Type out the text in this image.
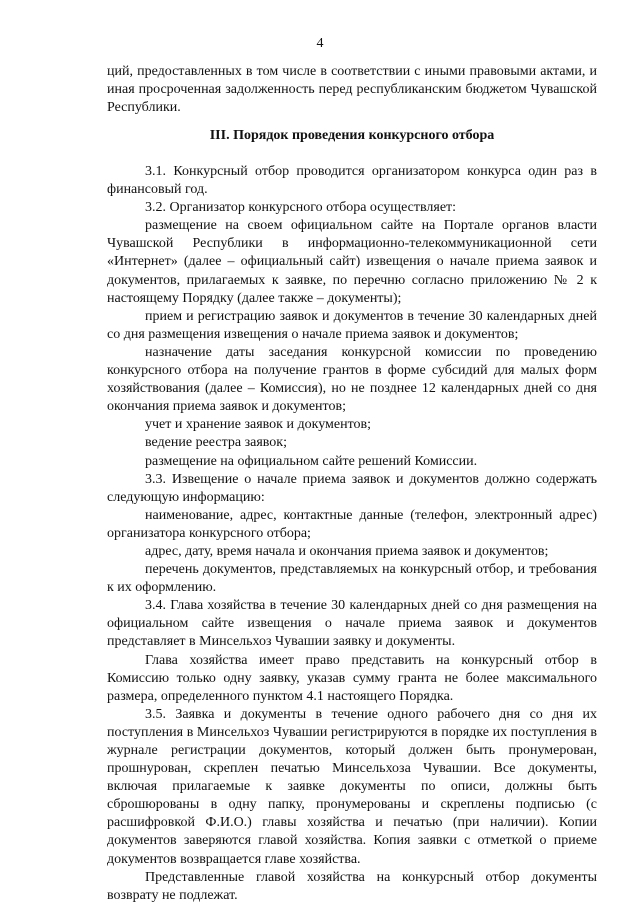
4

ций, предоставленных в том числе в соответствии с иными правовыми актами, и иная просроченная задолженность перед республиканским бюджетом Чувашской Республики.

III. Порядок проведения конкурсного отбора

3.1. Конкурсный отбор проводится организатором конкурса один раз в финансовый год.

3.2. Организатор конкурсного отбора осуществляет:

размещение на своем официальном сайте на Портале органов власти Чувашской Республики в информационно-телекоммуникационной сети «Интернет» (далее – официальный сайт) извещения о начале приема заявок и документов, прилагаемых к заявке, по перечню согласно приложению № 2 к настоящему Порядку (далее также – документы);

прием и регистрацию заявок и документов в течение 30 календарных дней со дня размещения извещения о начале приема заявок и документов;

назначение даты заседания конкурсной комиссии по проведению конкурсного отбора на получение грантов в форме субсидий для малых форм хозяйствования (далее – Комиссия), но не позднее 12 календарных дней со дня окончания приема заявок и документов;

учет и хранение заявок и документов;

ведение реестра заявок;

размещение на официальном сайте решений Комиссии.

3.3. Извещение о начале приема заявок и документов должно содержать следующую информацию:

наименование, адрес, контактные данные (телефон, электронный адрес) организатора конкурсного отбора;

адрес, дату, время начала и окончания приема заявок и документов;

перечень документов, представляемых на конкурсный отбор, и требования к их оформлению.

3.4. Глава хозяйства в течение 30 календарных дней со дня размещения на официальном сайте извещения о начале приема заявок и документов представляет в Минсельхоз Чувашии заявку и документы.

Глава хозяйства имеет право представить на конкурсный отбор в Комиссию только одну заявку, указав сумму гранта не более максимального размера, определенного пунктом 4.1 настоящего Порядка.

3.5. Заявка и документы в течение одного рабочего дня со дня их поступления в Минсельхоз Чувашии регистрируются в порядке их поступления в журнале регистрации документов, который должен быть пронумерован, прошнурован, скреплен печатью Минсельхоза Чувашии. Все документы, включая прилагаемые к заявке документы по описи, должны быть сброшюрованы в одну папку, пронумерованы и скреплены подписью (с расшифровкой Ф.И.О.) главы хозяйства и печатью (при наличии). Копии документов заверяются главой хозяйства. Копия заявки с отметкой о приеме документов возвращается главе хозяйства.

Представленные главой хозяйства на конкурсный отбор документы возврату не подлежат.
